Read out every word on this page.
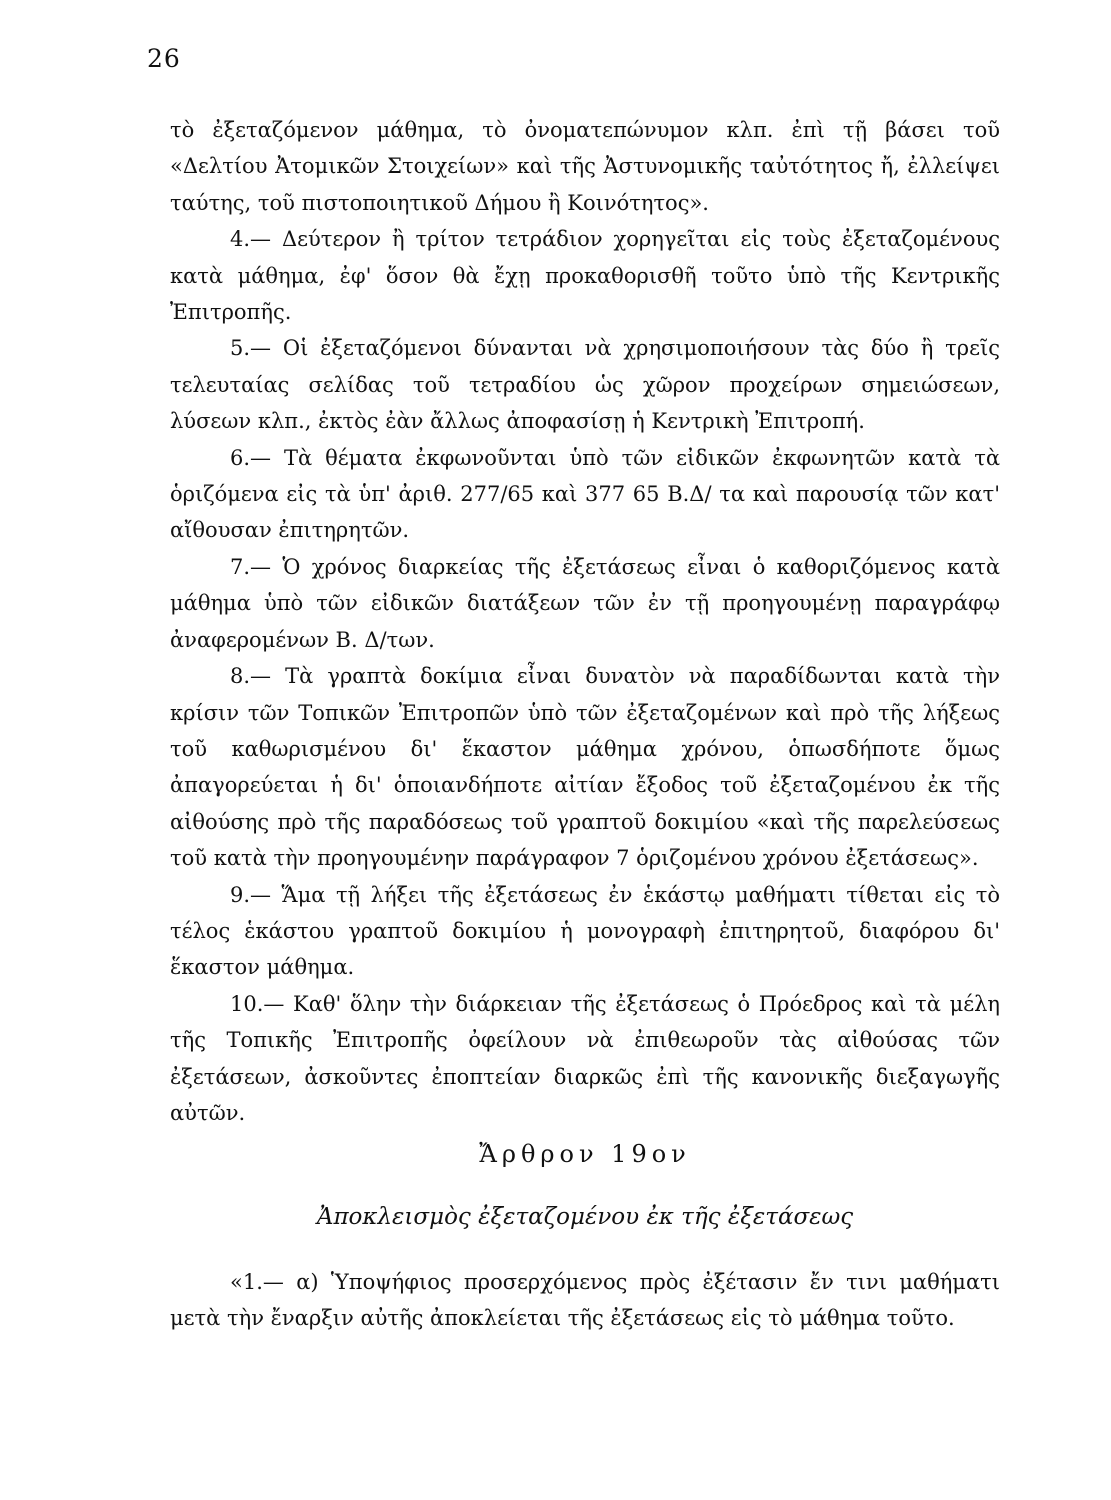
26

τὸ ἐξεταζόμενον μάθημα, τὸ ὀνοματεπώνυμον κλπ. ἐπὶ τῇ βάσει τοῦ «Δελτίου Ἀτομικῶν Στοιχείων» καὶ τῆς Ἀστυνομικῆς ταὐτότητος ἤ, ἐλλείψει ταύτης, τοῦ πιστοποιητικοῦ Δήμου ἢ Κοινότητος».

4.— Δεύτερον ἢ τρίτον τετράδιον χορηγεῖται εἰς τοὺς ἐξεταζομένους κατὰ μάθημα, ἐφ' ὅσον θὰ ἔχῃ προκαθορισθῆ τοῦτο ὑπὸ τῆς Κεντρικῆς Ἐπιτροπῆς.

5.— Οἱ ἐξεταζόμενοι δύνανται νὰ χρησιμοποιήσουν τὰς δύο ἢ τρεῖς τελευταίας σελίδας τοῦ τετραδίου ὡς χῶρον προχείρων σημειώσεων, λύσεων κλπ., ἐκτὸς ἐὰν ἄλλως ἀποφασίσῃ ἡ Κεντρικὴ Ἐπιτροπή.

6.— Τὰ θέματα ἐκφωνοῦνται ὑπὸ τῶν εἰδικῶν ἐκφωνητῶν κατὰ τὰ ὁριζόμενα εἰς τὰ ὑπ' ἀριθ. 277/65 καὶ 377 65 Β.Δ/ τα καὶ παρουσίᾳ τῶν κατ' αἴθουσαν ἐπιτηρητῶν.

7.— Ὁ χρόνος διαρκείας τῆς ἐξετάσεως εἶναι ὁ καθοριζόμενος κατὰ μάθημα ὑπὸ τῶν εἰδικῶν διατάξεων τῶν ἐν τῇ προηγουμένῃ παραγράφῳ ἀναφερομένων Β. Δ/των.

8.— Τὰ γραπτὰ δοκίμια εἶναι δυνατὸν νὰ παραδίδωνται κατὰ τὴν κρίσιν τῶν Τοπικῶν Ἐπιτροπῶν ὑπὸ τῶν ἐξεταζομένων καὶ πρὸ τῆς λήξεως τοῦ καθωρισμένου δι' ἕκαστον μάθημα χρόνου, ὁπωσδήποτε ὅμως ἀπαγορεύεται ἡ δι' ὁποιανδήποτε αἰτίαν ἔξοδος τοῦ ἐξεταζομένου ἐκ τῆς αἰθούσης πρὸ τῆς παραδόσεως τοῦ γραπτοῦ δοκιμίου «καὶ τῆς παρελεύσεως τοῦ κατὰ τὴν προηγουμένην παράγραφον 7 ὁριζομένου χρόνου ἐξετάσεως».

9.— Ἅμα τῇ λήξει τῆς ἐξετάσεως ἐν ἑκάστῳ μαθήματι τίθεται εἰς τὸ τέλος ἑκάστου γραπτοῦ δοκιμίου ἡ μονογραφὴ ἐπιτηρητοῦ, διαφόρου δι' ἕκαστον μάθημα.

10.— Καθ' ὅλην τὴν διάρκειαν τῆς ἐξετάσεως ὁ Πρόεδρος καὶ τὰ μέλη τῆς Τοπικῆς Ἐπιτροπῆς ὀφείλουν νὰ ἐπιθεωροῦν τὰς αἰθούσας τῶν ἐξετάσεων, ἀσκοῦντες ἐποπτείαν διαρκῶς ἐπὶ τῆς κανονικῆς διεξαγωγῆς αὐτῶν.

Ἄρθρον 19ον
Ἀποκλεισμὸς ἐξεταζομένου ἐκ τῆς ἐξετάσεως

«1.— α) Ὑποψήφιος προσερχόμενος πρὸς ἐξέτασιν ἔν τινι μαθήματι μετὰ τὴν ἔναρξιν αὐτῆς ἀποκλείεται τῆς ἐξετάσεως εἰς τὸ μάθημα τοῦτο.
